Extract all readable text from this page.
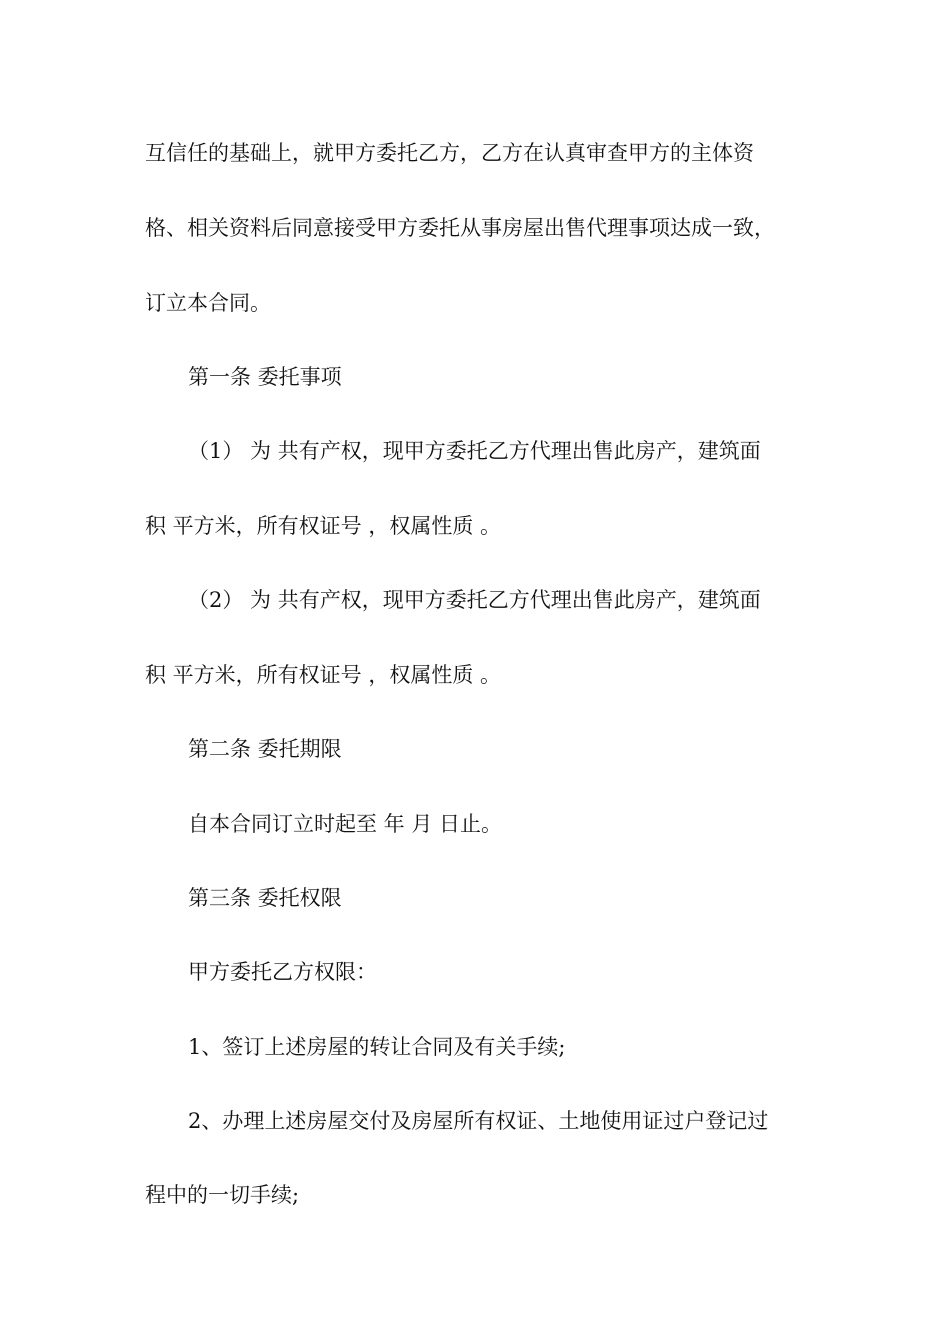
互信任的基础上，就甲方委托乙方，乙方在认真审查甲方的主体资
格、相关资料后同意接受甲方委托从事房屋出售代理事项达成一致，
订立本合同。
第一条 委托事项
（1） 为 共有产权，现甲方委托乙方代理出售此房产，建筑面
积 平方米，所有权证号 ，权属性质 。
（2） 为 共有产权，现甲方委托乙方代理出售此房产，建筑面
积 平方米，所有权证号 ，权属性质 。
第二条 委托期限
自本合同订立时起至 年 月 日止。
第三条 委托权限
甲方委托乙方权限：
1、签订上述房屋的转让合同及有关手续;
2、办理上述房屋交付及房屋所有权证、土地使用证过户登记过
程中的一切手续;
